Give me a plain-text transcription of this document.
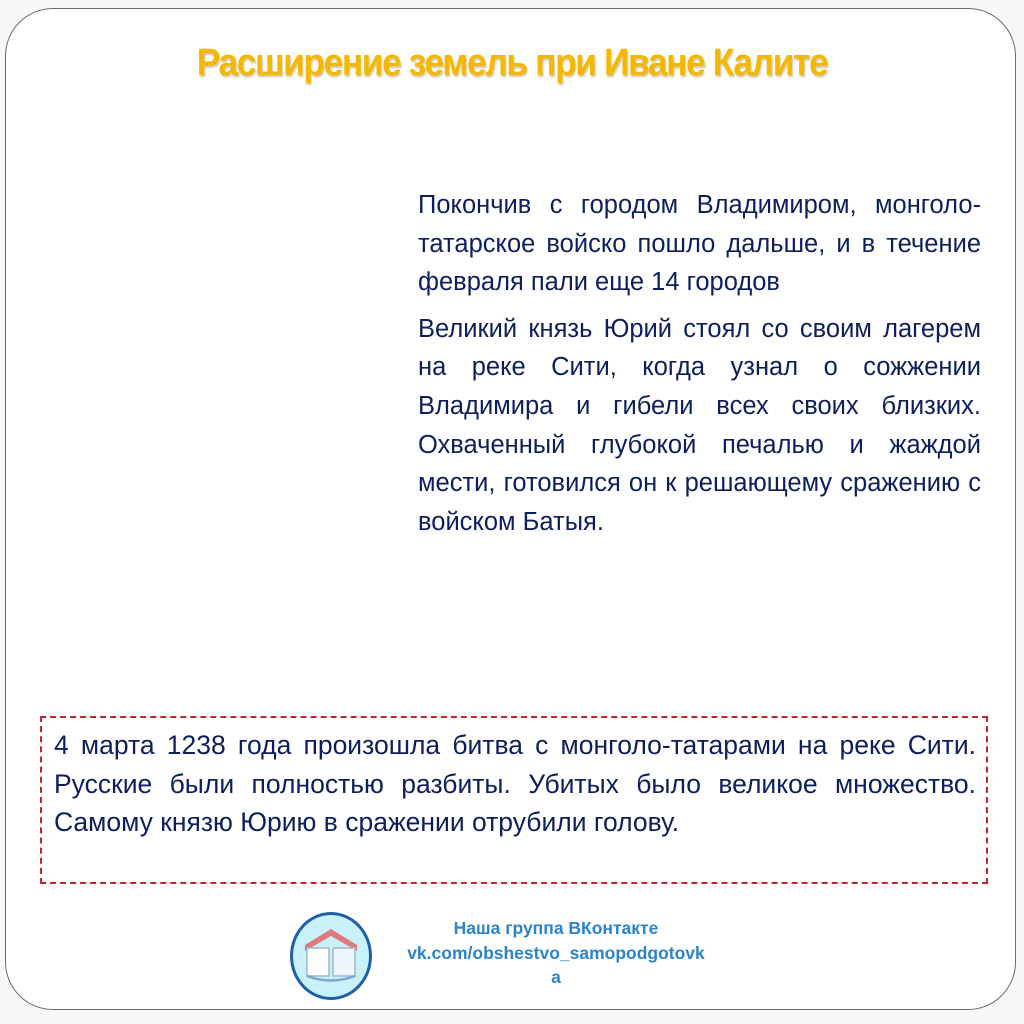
Расширение земель при Иване Калите

Покончив с городом Владимиром, монголо-татарское войско пошло дальше, и в течение февраля пали еще 14 городов

Великий князь Юрий стоял со своим лагерем на реке Сити, когда узнал о сожжении Владимира и гибели всех своих близких. Охваченный глубокой печалью и жаждой мести, готовился он к решающему сражению с войском Батыя.

4 марта 1238 года произошла битва с монголо-татарами на реке Сити. Русские были полностью разбиты. Убитых было великое множество. Самому князю Юрию в сражении отрубили голову.
Наша группа ВКонтакте
vk.com/obshestvo_samopodgotovk
a
